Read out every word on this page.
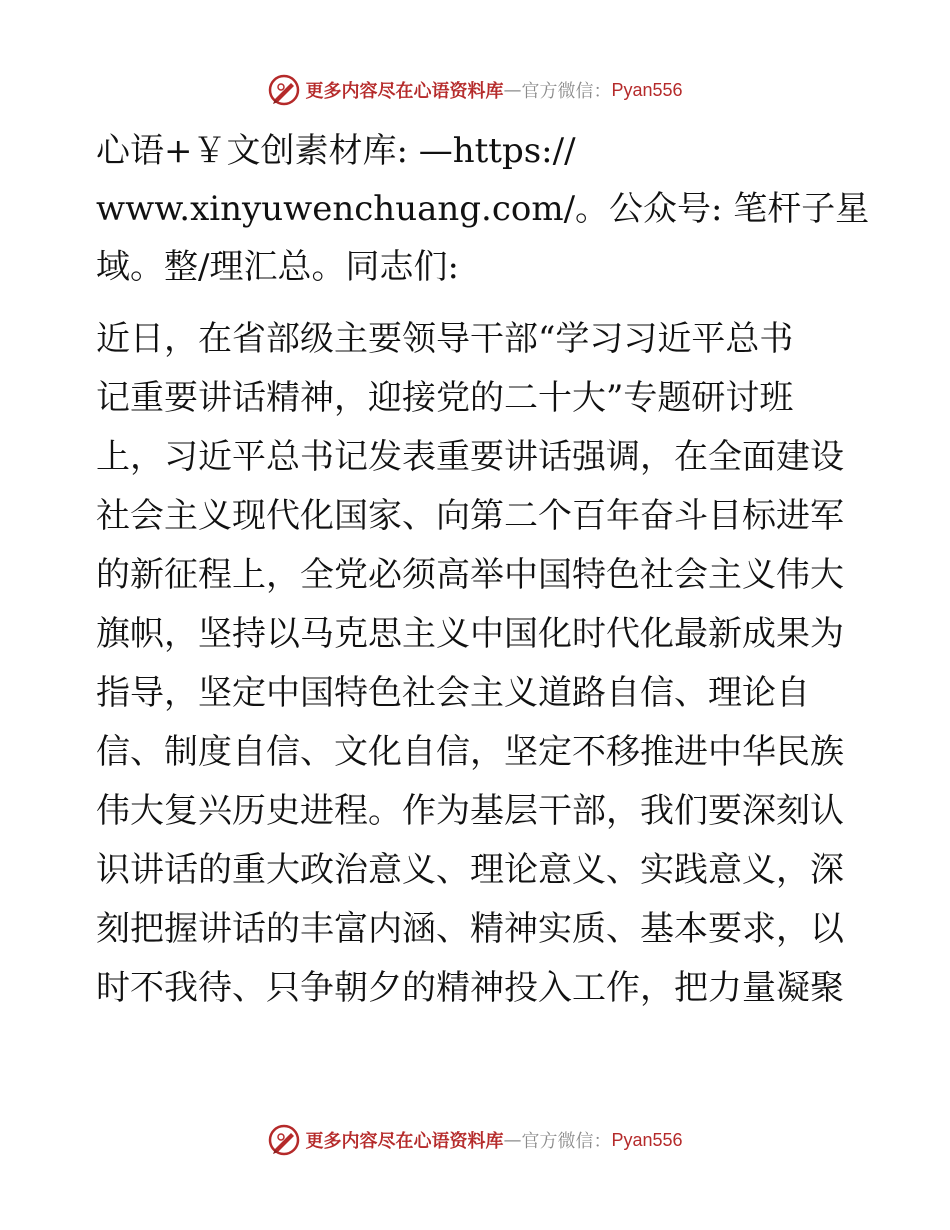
更多内容尽在心语资料库 — 官方微信： Pyan556
心语+￥文创素材库: —https://
www.xinyuwenchuang.com/。公众号: 笔杆子星
域。整/理汇总。同志们:
近日，在省部级主要领导干部“学习习近平总书
记重要讲话精神，迎接党的二十大”专题研讨班
上，习近平总书记发表重要讲话强调，在全面建设
社会主义现代化国家、向第二个百年奋斗目标进军
的新征程上，全党必须高举中国特色社会主义伟大
旗帜，坚持以马克思主义中国化时代化最新成果为
指导，坚定中国特色社会主义道路自信、理论自
信、制度自信、文化自信，坚定不移推进中华民族
伟大复兴历史进程。作为基层干部，我们要深刻认
识讲话的重大政治意义、理论意义、实践意义，深
刻把握讲话的丰富内涵、精神实质、基本要求，以
时不我待、只争朝夕的精神投入工作，把力量凝聚
更多内容尽在心语资料库 — 官方微信： Pyan556
